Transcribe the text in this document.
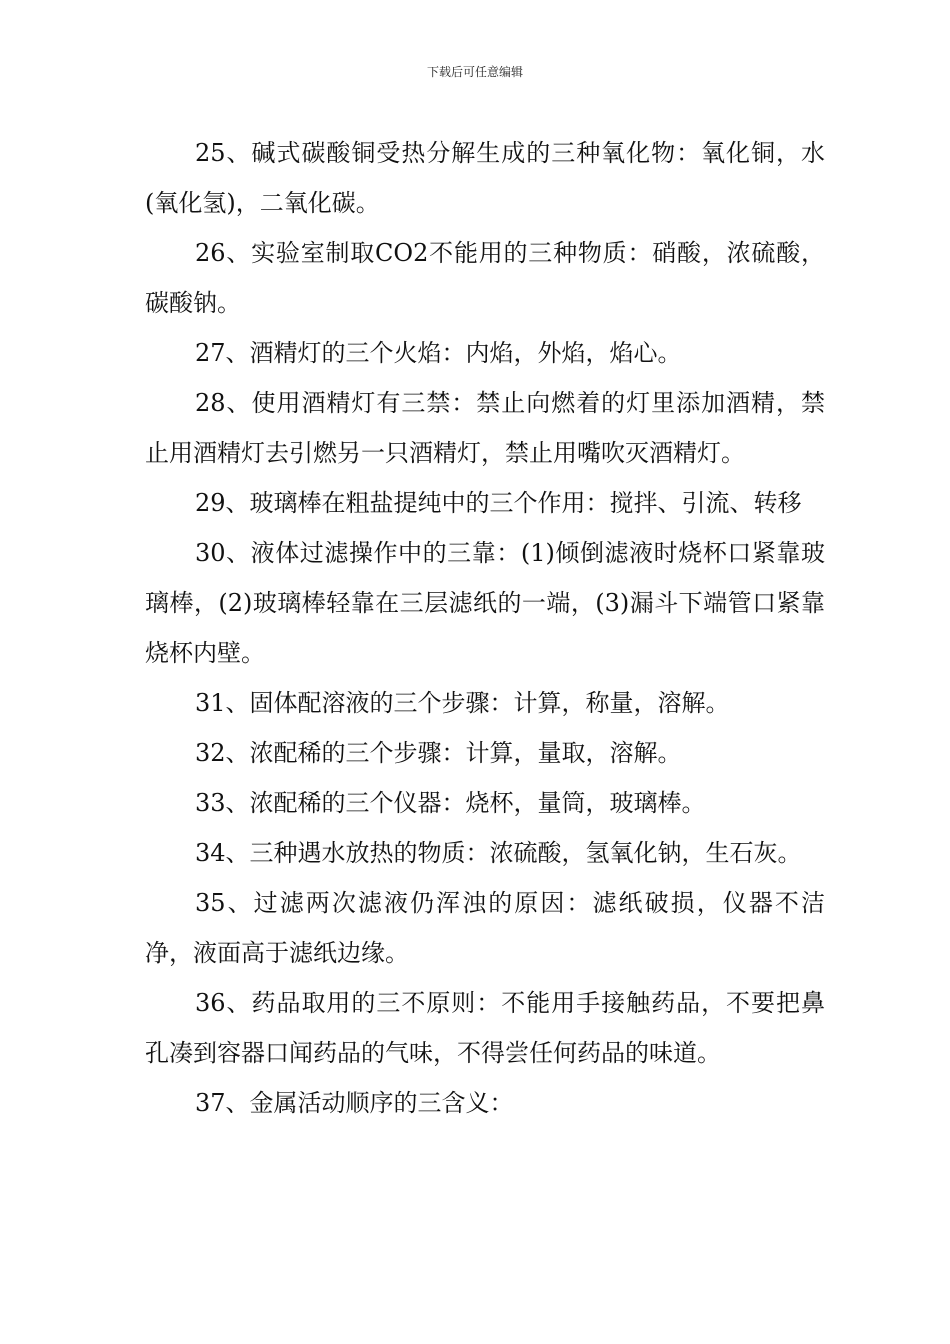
下载后可任意编辑

25、碱式碳酸铜受热分解生成的三种氧化物：氧化铜，水(氧化氢)，二氧化碳。

26、实验室制取CO2不能用的三种物质：硝酸，浓硫酸，碳酸钠。

27、酒精灯的三个火焰：内焰，外焰，焰心。

28、使用酒精灯有三禁：禁止向燃着的灯里添加酒精，禁止用酒精灯去引燃另一只酒精灯，禁止用嘴吹灭酒精灯。

29、玻璃棒在粗盐提纯中的三个作用：搅拌、引流、转移

30、液体过滤操作中的三靠：(1)倾倒滤液时烧杯口紧靠玻璃棒，(2)玻璃棒轻靠在三层滤纸的一端，(3)漏斗下端管口紧靠烧杯内壁。

31、固体配溶液的三个步骤：计算，称量，溶解。

32、浓配稀的三个步骤：计算，量取，溶解。

33、浓配稀的三个仪器：烧杯，量筒，玻璃棒。

34、三种遇水放热的物质：浓硫酸，氢氧化钠，生石灰。

35、过滤两次滤液仍浑浊的原因：滤纸破损，仪器不洁净，液面高于滤纸边缘。

36、药品取用的三不原则：不能用手接触药品，不要把鼻孔凑到容器口闻药品的气味，不得尝任何药品的味道。

37、金属活动顺序的三含义：
